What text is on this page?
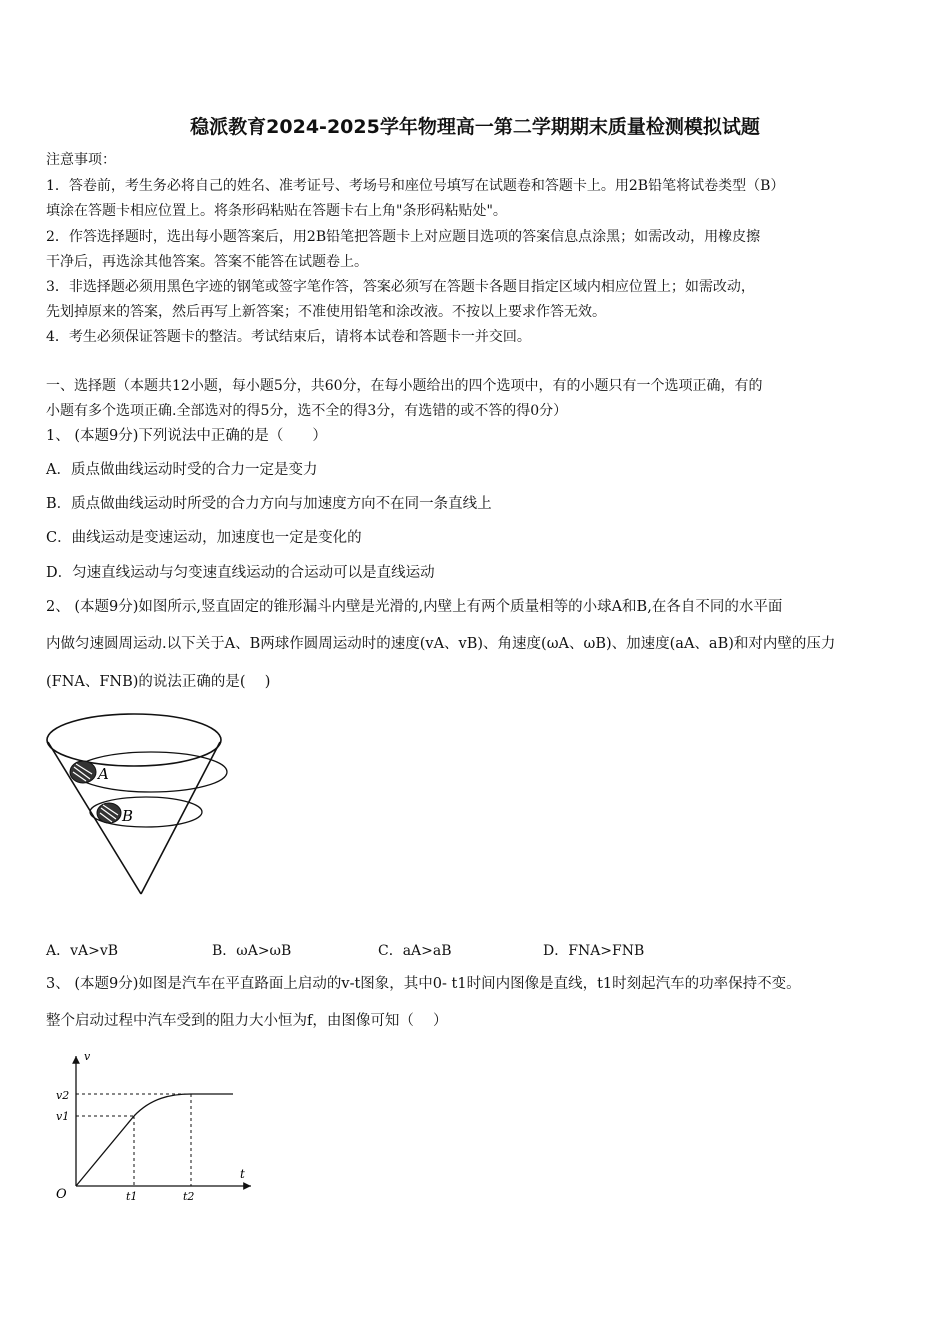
稳派教育2024-2025学年物理高一第二学期期末质量检测模拟试题
注意事项：
1．答卷前，考生务必将自己的姓名、准考证号、考场号和座位号填写在试题卷和答题卡上。用2B铅笔将试卷类型（B）
填涂在答题卡相应位置上。将条形码粘贴在答题卡右上角"条形码粘贴处"。
2．作答选择题时，选出每小题答案后，用2B铅笔把答题卡上对应题目选项的答案信息点涂黑；如需改动，用橡皮擦
干净后，再选涂其他答案。答案不能答在试题卷上。
3．非选择题必须用黑色字迹的钢笔或签字笔作答，答案必须写在答题卡各题目指定区域内相应位置上；如需改动，
先划掉原来的答案，然后再写上新答案；不准使用铅笔和涂改液。不按以上要求作答无效。
4．考生必须保证答题卡的整洁。考试结束后，请将本试卷和答题卡一并交回。
一、选择题（本题共12小题，每小题5分，共60分，在每小题给出的四个选项中，有的小题只有一个选项正确，有的
小题有多个选项正确.全部选对的得5分，选不全的得3分，有选错的或不答的得0分）
1、 (本题9分)下列说法中正确的是（　　）
A．质点做曲线运动时受的合力一定是变力
B．质点做曲线运动时所受的合力方向与加速度方向不在同一条直线上
C．曲线运动是变速运动，加速度也一定是变化的
D．匀速直线运动与匀变速直线运动的合运动可以是直线运动
2、 (本题9分)如图所示,竖直固定的锥形漏斗内壁是光滑的,内壁上有两个质量相等的小球A和B,在各自不同的水平面
内做匀速圆周运动.以下关于A、B两球作圆周运动时的速度(vA、vB)、角速度(ωA、ωB)、加速度(aA、aB)和对内壁的压力
(FNA、FNB)的说法正确的是(　 )
A
B
A．vA>vB	B．ωA>ωB	C．aA>aB	D．FNA>FNB
3、 (本题9分)如图是汽车在平直路面上启动的v-t图象，其中0- t1时间内图像是直线，t1时刻起汽车的功率保持不变。
整个启动过程中汽车受到的阻力大小恒为f，由图像可知（　 ）
v
t
O
v2
v1
t1	t2
